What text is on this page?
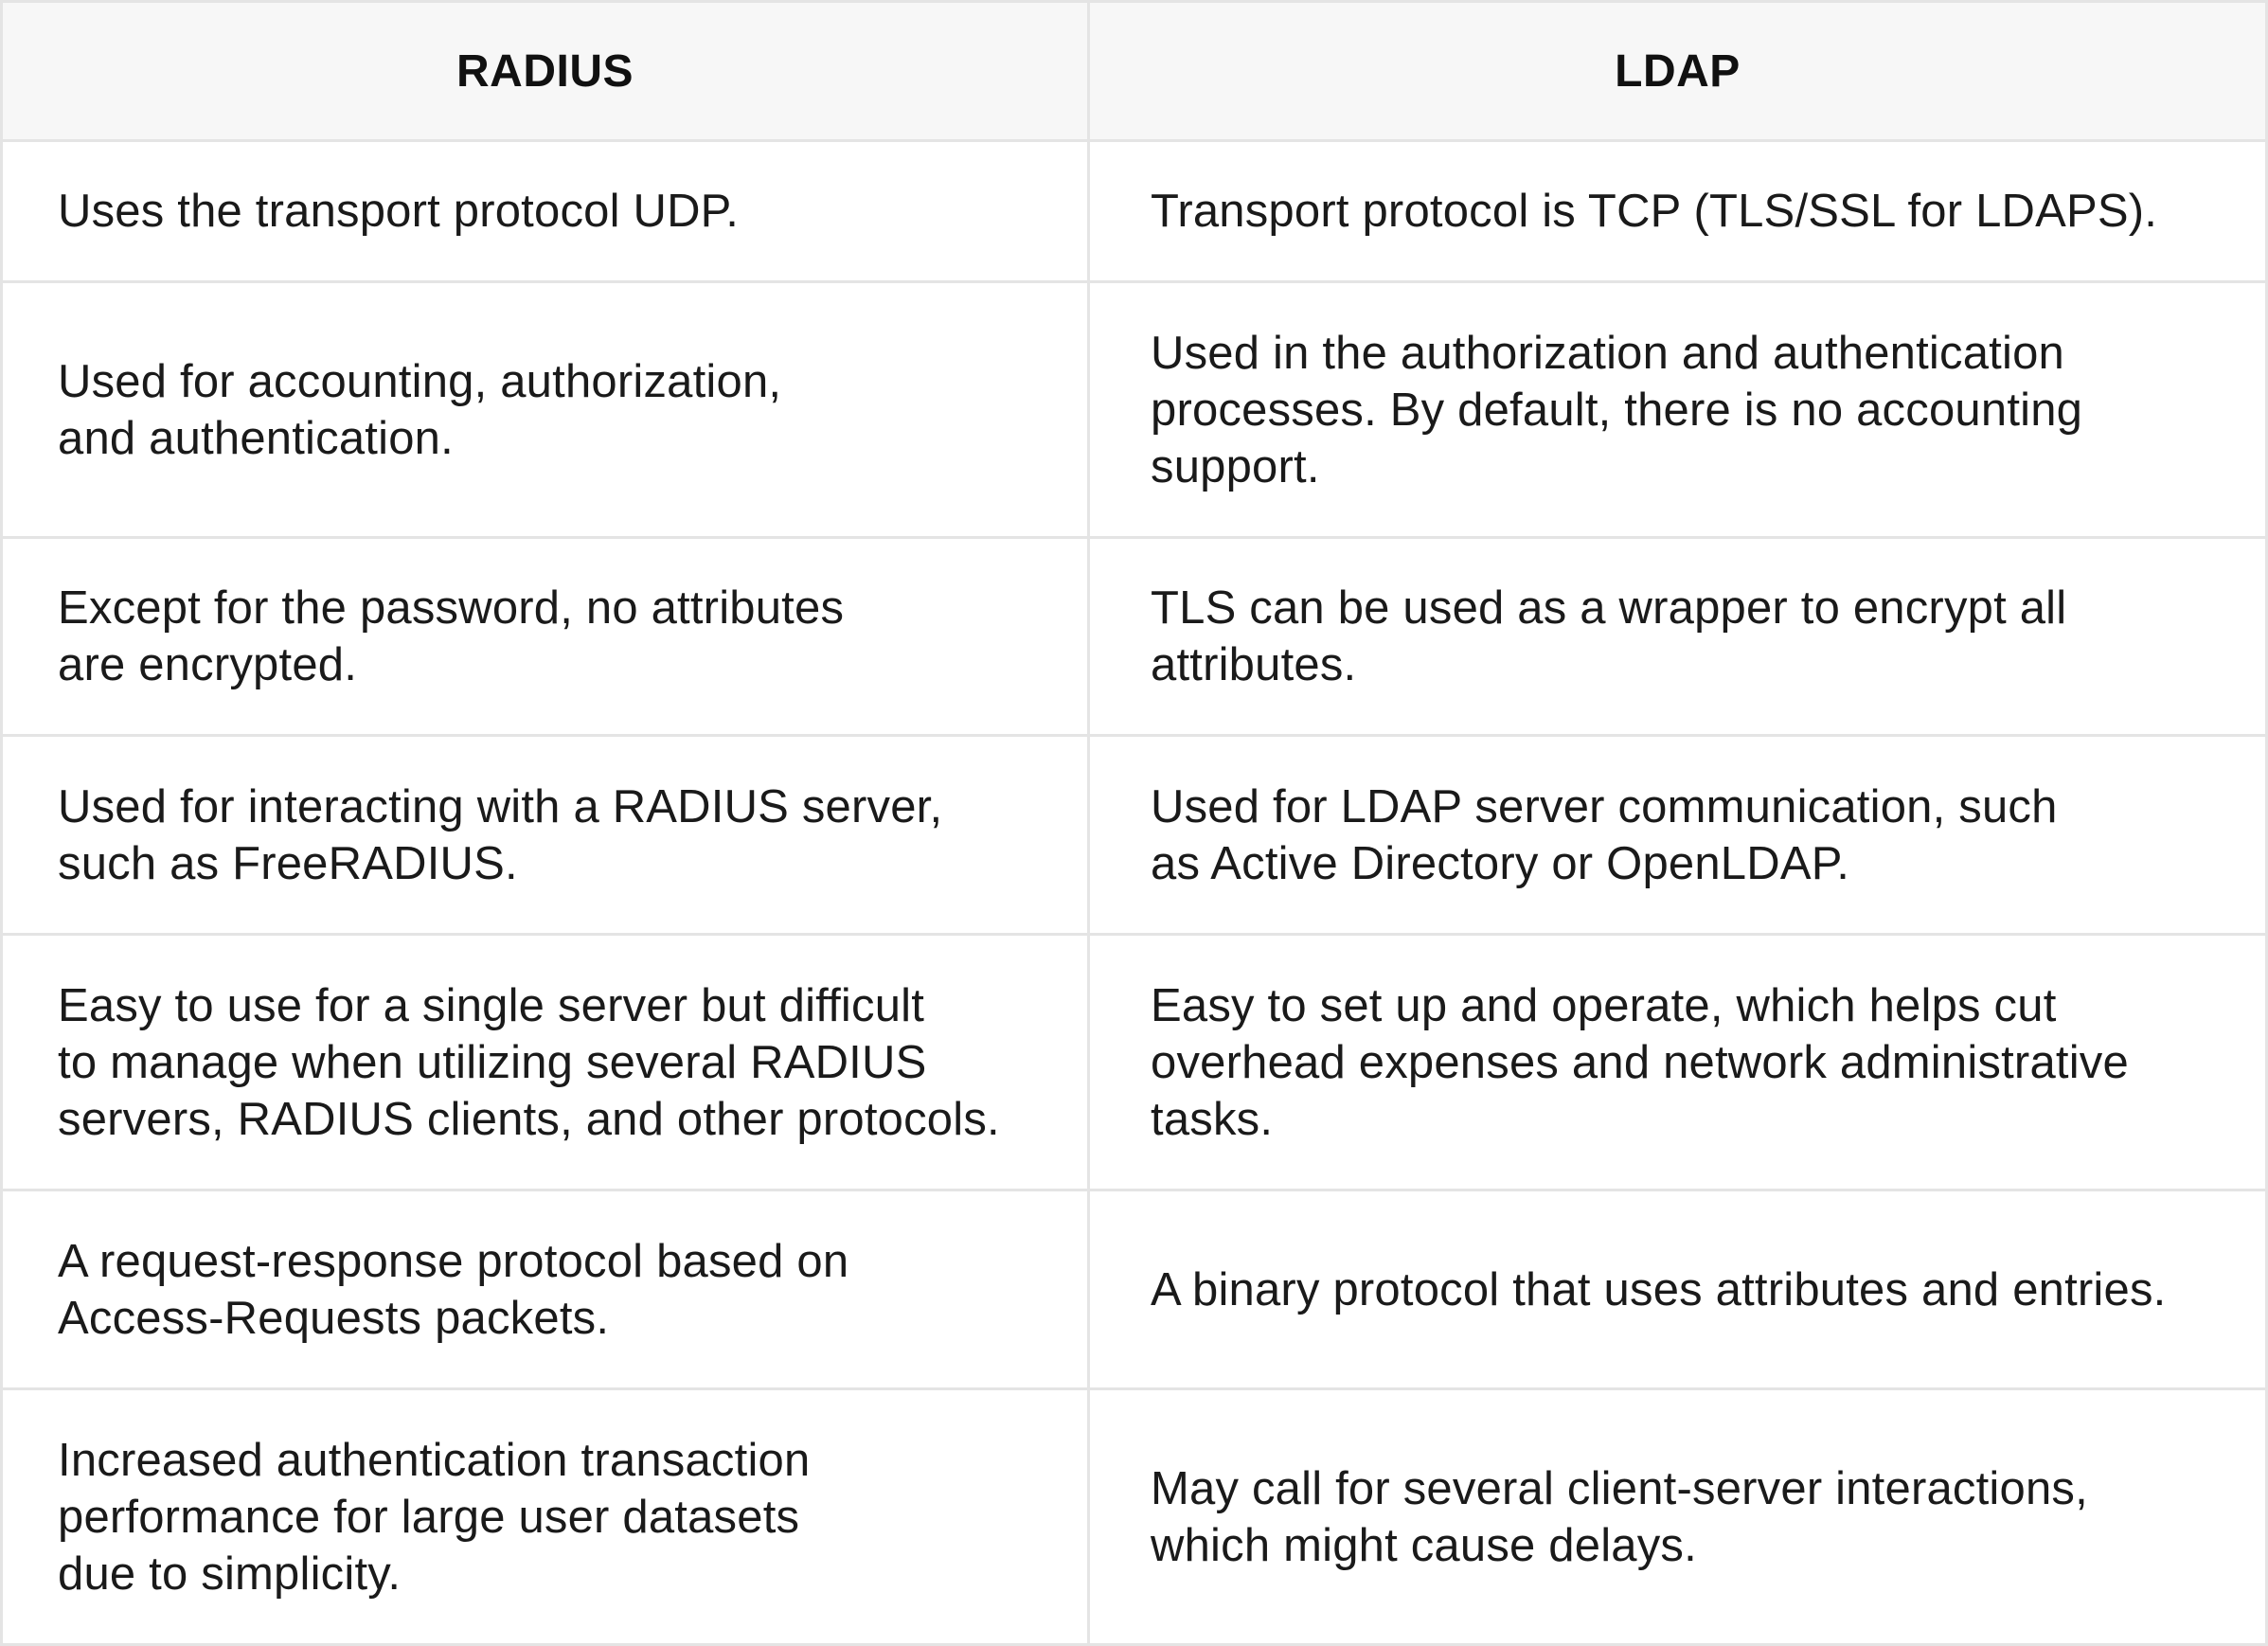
RADIUS	LDAP
Uses the transport protocol UDP.	Transport protocol is TCP (TLS/SSL for LDAPS).
Used for accounting, authorization,
and authentication.
Used in the authorization and authentication
processes. By default, there is no accounting
support.
Except for the password, no attributes
are encrypted.
TLS can be used as a wrapper to encrypt all
attributes.
Used for interacting with a RADIUS server,
such as FreeRADIUS.
Used for LDAP server communication, such
as Active Directory or OpenLDAP.
Easy to use for a single server but difficult
to manage when utilizing several RADIUS
servers, RADIUS clients, and other protocols.
Easy to set up and operate, which helps cut
overhead expenses and network administrative
tasks.
A request-response protocol based on
Access-Requests packets.
A binary protocol that uses attributes and entries.
Increased authentication transaction
performance for large user datasets
due to simplicity.
May call for several client-server interactions,
which might cause delays.
